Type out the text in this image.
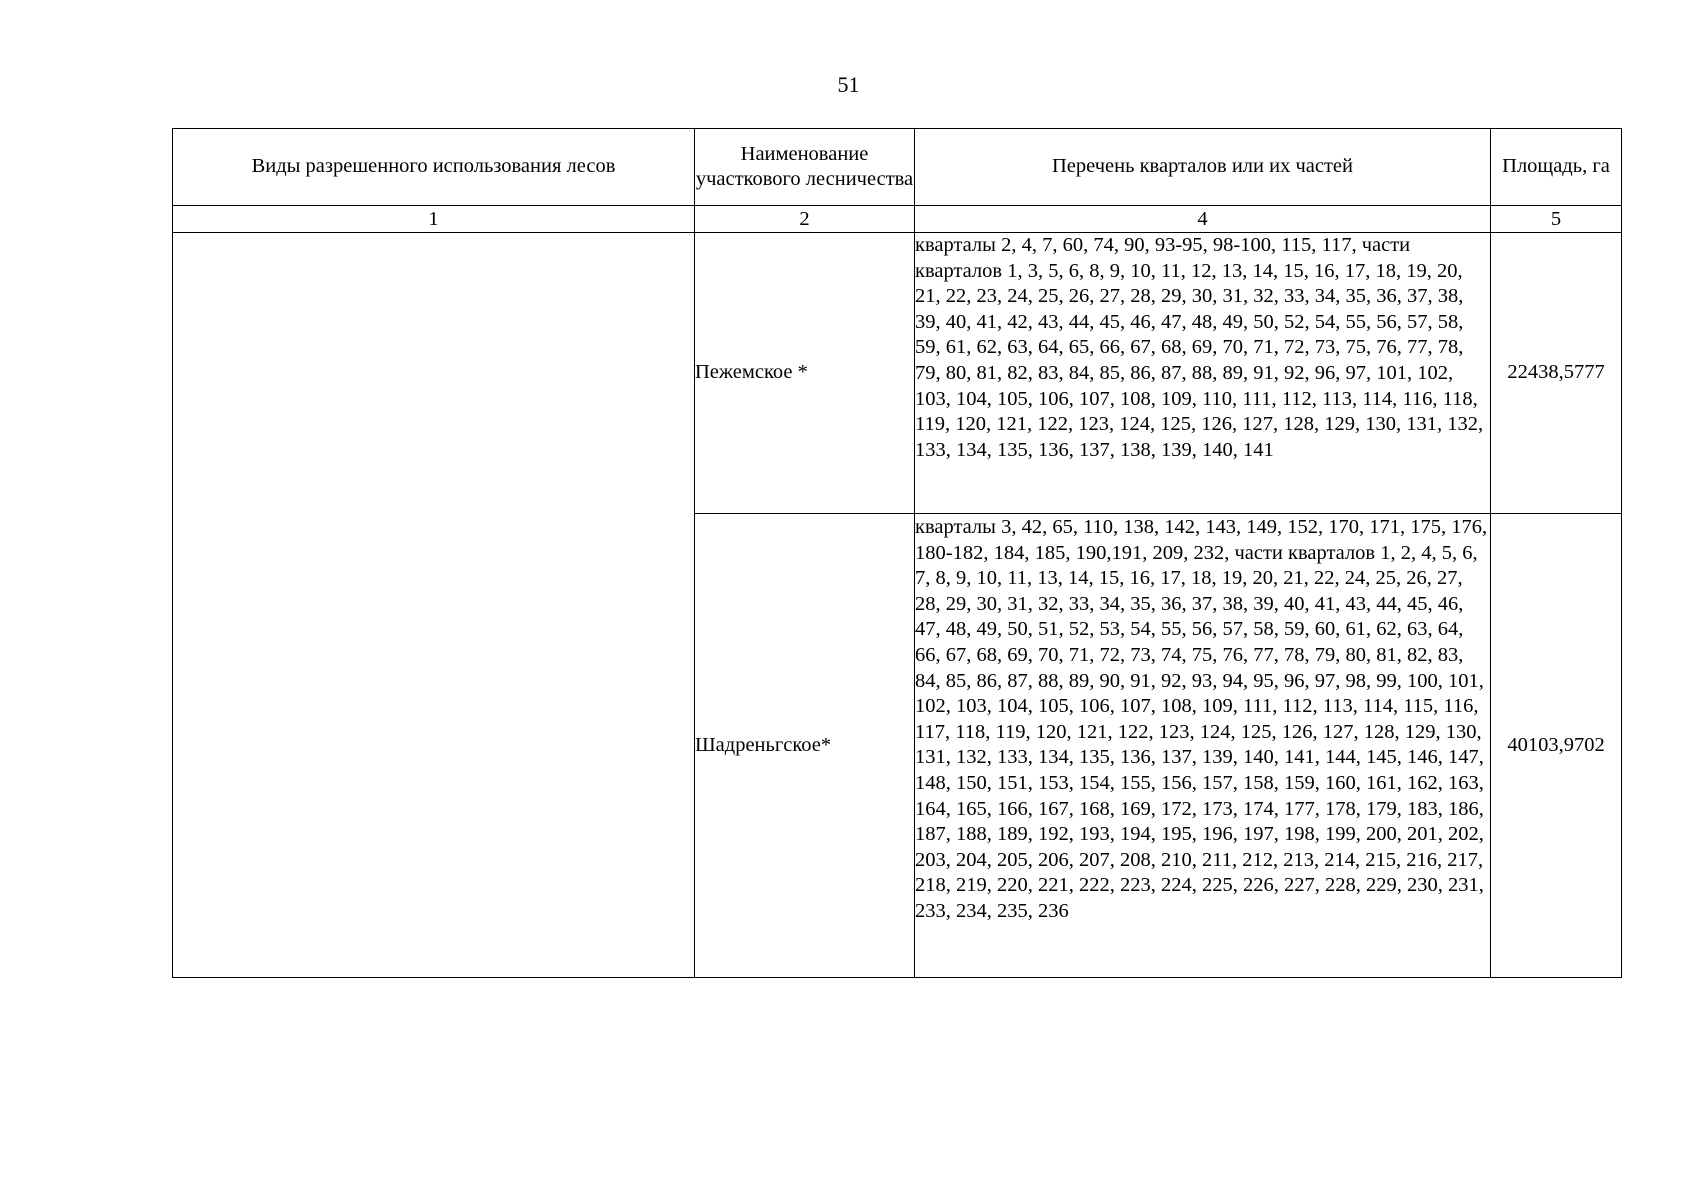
51
Виды разрешенного использования лесов	Наименование участкового лесничества	Перечень кварталов или их частей	Площадь, га
1	2	4	5
	Пежемское *	кварталы 2, 4, 7, 60, 74, 90, 93-95, 98-100, 115, 117, части кварталов 1, 3, 5, 6, 8, 9, 10, 11, 12, 13, 14, 15, 16, 17, 18, 19, 20, 21, 22, 23, 24, 25, 26, 27, 28, 29, 30, 31, 32, 33, 34, 35, 36, 37, 38, 39, 40, 41, 42, 43, 44, 45, 46, 47, 48, 49, 50, 52, 54, 55, 56, 57, 58, 59, 61, 62, 63, 64, 65, 66, 67, 68, 69, 70, 71, 72, 73, 75, 76, 77, 78, 79, 80, 81, 82, 83, 84, 85, 86, 87, 88, 89, 91, 92, 96, 97, 101, 102, 103, 104, 105, 106, 107, 108, 109, 110, 111, 112, 113, 114, 116, 118, 119, 120, 121, 122, 123, 124, 125, 126, 127, 128, 129, 130, 131, 132, 133, 134, 135, 136, 137, 138, 139, 140, 141	22438,5777
	Шадреньгское*	кварталы 3, 42, 65, 110, 138, 142, 143, 149, 152, 170, 171, 175, 176, 180-182, 184, 185, 190,191, 209, 232, части кварталов 1, 2, 4, 5, 6, 7, 8, 9, 10, 11, 13, 14, 15, 16, 17, 18, 19, 20, 21, 22, 24, 25, 26, 27, 28, 29, 30, 31, 32, 33, 34, 35, 36, 37, 38, 39, 40, 41, 43, 44, 45, 46, 47, 48, 49, 50, 51, 52, 53, 54, 55, 56, 57, 58, 59, 60, 61, 62, 63, 64, 66, 67, 68, 69, 70, 71, 72, 73, 74, 75, 76, 77, 78, 79, 80, 81, 82, 83, 84, 85, 86, 87, 88, 89, 90, 91, 92, 93, 94, 95, 96, 97, 98, 99, 100, 101, 102, 103, 104, 105, 106, 107, 108, 109, 111, 112, 113, 114, 115, 116, 117, 118, 119, 120, 121, 122, 123, 124, 125, 126, 127, 128, 129, 130, 131, 132, 133, 134, 135, 136, 137, 139, 140, 141, 144, 145, 146, 147, 148, 150, 151, 153, 154, 155, 156, 157, 158, 159, 160, 161, 162, 163, 164, 165, 166, 167, 168, 169, 172, 173, 174, 177, 178, 179, 183, 186, 187, 188, 189, 192, 193, 194, 195, 196, 197, 198, 199, 200, 201, 202, 203, 204, 205, 206, 207, 208, 210, 211, 212, 213, 214, 215, 216, 217, 218, 219, 220, 221, 222, 223, 224, 225, 226, 227, 228, 229, 230, 231, 233, 234, 235, 236	40103,9702
